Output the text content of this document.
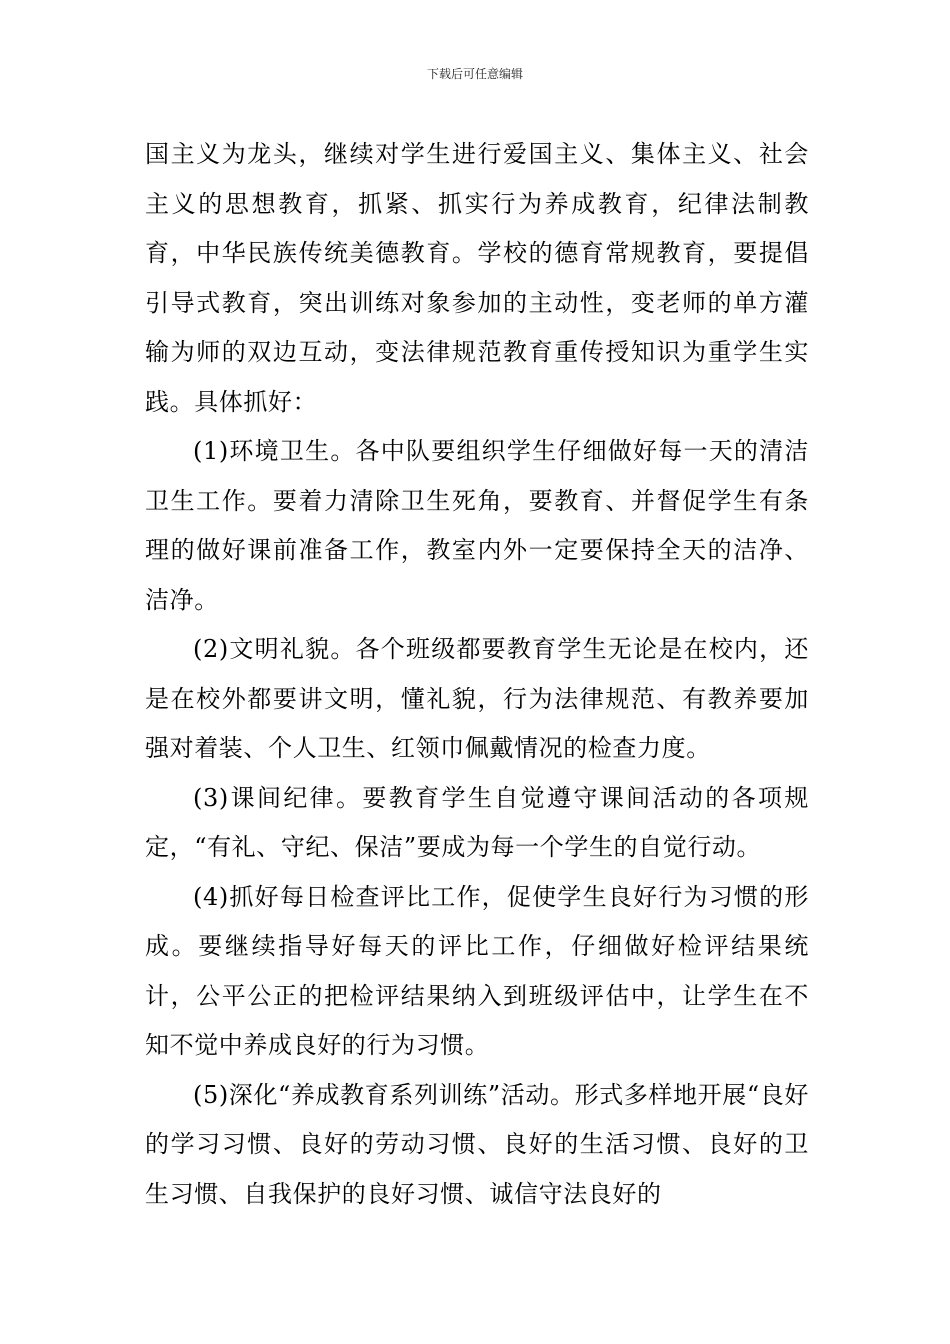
下载后可任意编辑

国主义为龙头，继续对学生进行爱国主义、集体主义、社会主义的思想教育，抓紧、抓实行为养成教育，纪律法制教育，中华民族传统美德教育。学校的德育常规教育，要提倡引导式教育，突出训练对象参加的主动性，变老师的单方灌输为师的双边互动，变法律规范教育重传授知识为重学生实践。具体抓好：

(1)环境卫生。各中队要组织学生仔细做好每一天的清洁卫生工作。要着力清除卫生死角，要教育、并督促学生有条理的做好课前准备工作，教室内外一定要保持全天的洁净、洁净。

(2)文明礼貌。各个班级都要教育学生无论是在校内，还是在校外都要讲文明，懂礼貌，行为法律规范、有教养要加强对着装、个人卫生、红领巾佩戴情况的检查力度。

(3)课间纪律。要教育学生自觉遵守课间活动的各项规定，“有礼、守纪、保洁”要成为每一个学生的自觉行动。

(4)抓好每日检查评比工作，促使学生良好行为习惯的形成。要继续指导好每天的评比工作，仔细做好检评结果统计，公平公正的把检评结果纳入到班级评估中，让学生在不知不觉中养成良好的行为习惯。

(5)深化“养成教育系列训练”活动。形式多样地开展“良好的学习习惯、良好的劳动习惯、良好的生活习惯、良好的卫生习惯、自我保护的良好习惯、诚信守法良好的
